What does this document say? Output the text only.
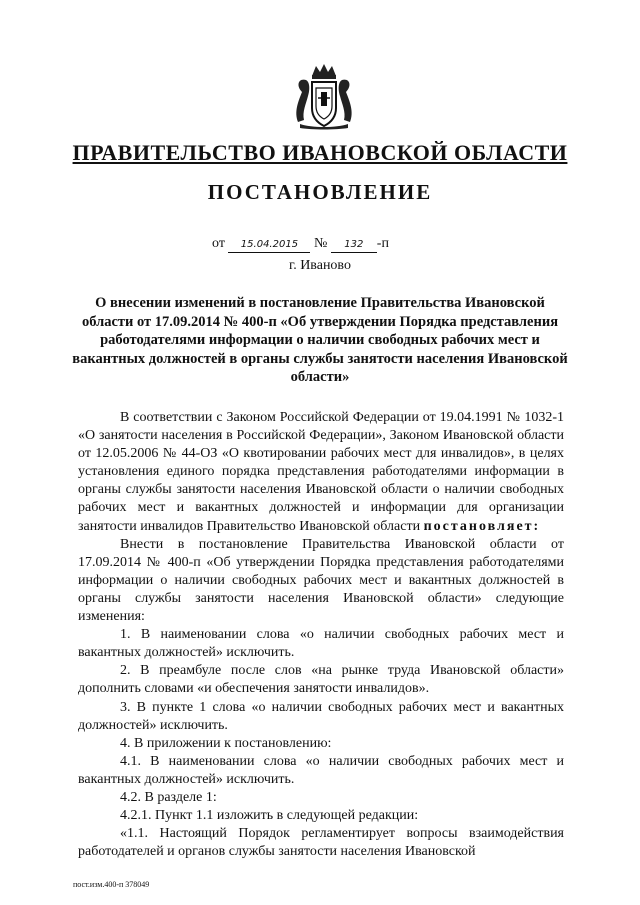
ПРАВИТЕЛЬСТВО ИВАНОВСКОЙ ОБЛАСТИ
ПОСТАНОВЛЕНИЕ
от 15.04.2015 № 132 -п
г. Иваново
О внесении изменений в постановление Правительства Ивановской области от 17.09.2014 № 400-п «Об утверждении Порядка представления работодателями информации о наличии свободных рабочих мест и вакантных должностей в органы службы занятости населения Ивановской области»

В соответствии с Законом Российской Федерации от 19.04.1991 № 1032-1 «О занятости населения в Российской Федерации», Законом Ивановской области от 12.05.2006 № 44-ОЗ «О квотировании рабочих мест для инвалидов», в целях установления единого порядка представления работодателями информации в органы службы занятости населения Ивановской области о наличии свободных рабочих мест и вакантных должностей и информации для организации занятости инвалидов Правительство Ивановской области постановляет:

Внести в постановление Правительства Ивановской области от 17.09.2014 № 400-п «Об утверждении Порядка представления работодателями информации о наличии свободных рабочих мест и вакантных должностей в органы службы занятости населения Ивановской области» следующие изменения:

1. В наименовании слова «о наличии свободных рабочих мест и вакантных должностей» исключить.

2. В преамбуле после слов «на рынке труда Ивановской области» дополнить словами «и обеспечения занятости инвалидов».

3. В пункте 1 слова «о наличии свободных рабочих мест и вакантных должностей» исключить.

4. В приложении к постановлению:

4.1. В наименовании слова «о наличии свободных рабочих мест и вакантных должностей» исключить.

4.2. В разделе 1:

4.2.1. Пункт 1.1 изложить в следующей редакции:

«1.1. Настоящий Порядок регламентирует вопросы взаимодействия работодателей и органов службы занятости населения Ивановской

пост.изм.400-п 378049
